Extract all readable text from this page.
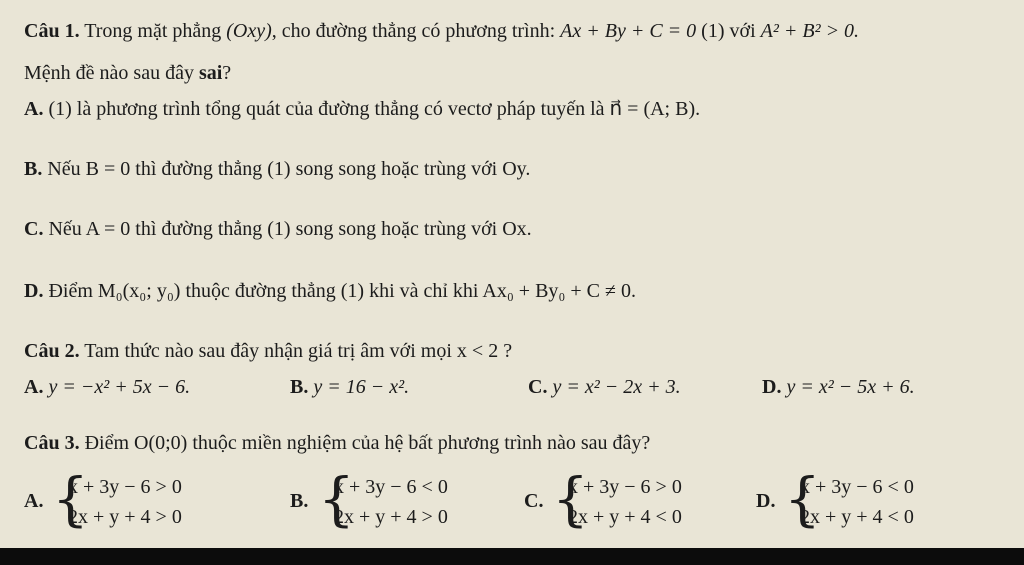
Câu 1. Trong mặt phẳng (Oxy), cho đường thẳng có phương trình: Ax + By + C = 0 (1) với A² + B² > 0.
Mệnh đề nào sau đây sai?
A. (1) là phương trình tổng quát của đường thẳng có vectơ pháp tuyến là n⃗ = (A; B).
B. Nếu B = 0 thì đường thẳng (1) song song hoặc trùng với Oy.
C. Nếu A = 0 thì đường thẳng (1) song song hoặc trùng với Ox.
D. Điểm M₀(x₀; y₀) thuộc đường thẳng (1) khi và chỉ khi Ax₀ + By₀ + C ≠ 0.
Câu 2. Tam thức nào sau đây nhận giá trị âm với mọi x < 2 ?
A. y = −x² + 5x − 6.	B. y = 16 − x².	C. y = x² − 2x + 3.	D. y = x² − 5x + 6.
Câu 3. Điểm O(0;0) thuộc miền nghiệm của hệ bất phương trình nào sau đây?
A. {
x + 3y − 6 > 0
2x + y + 4 > 0
B. {
x + 3y − 6 < 0
2x + y + 4 > 0
C. {
x + 3y − 6 > 0
2x + y + 4 < 0
D. {
x + 3y − 6 < 0
2x + y + 4 < 0
